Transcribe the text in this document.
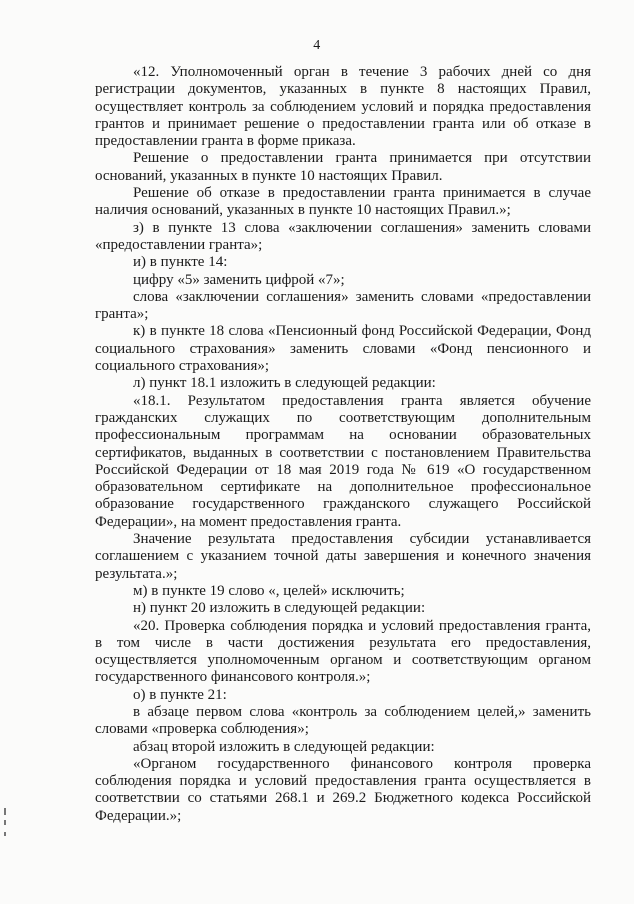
4

«12. Уполномоченный орган в течение 3 рабочих дней со дня регистрации документов, указанных в пункте 8 настоящих Правил, осуществляет контроль за соблюдением условий и порядка предоставления грантов и принимает решение о предоставлении гранта или об отказе в предоставлении гранта в форме приказа.

Решение о предоставлении гранта принимается при отсутствии оснований, указанных в пункте 10 настоящих Правил.

Решение об отказе в предоставлении гранта принимается в случае наличия оснований, указанных в пункте 10 настоящих Правил.»;

з) в пункте 13 слова «заключении соглашения» заменить словами «предоставлении гранта»;

и) в пункте 14:

цифру «5» заменить цифрой «7»;

слова «заключении соглашения» заменить словами «предоставлении гранта»;

к) в пункте 18 слова «Пенсионный фонд Российской Федерации, Фонд социального страхования» заменить словами «Фонд пенсионного и социального страхования»;

л) пункт 18.1 изложить в следующей редакции:

«18.1. Результатом предоставления гранта является обучение гражданских служащих по соответствующим дополнительным профессиональным программам на основании образовательных сертификатов, выданных в соответствии с постановлением Правительства Российской Федерации от 18 мая 2019 года № 619 «О государственном образовательном сертификате на дополнительное профессиональное образование государственного гражданского служащего Российской Федерации», на момент предоставления гранта.

Значение результата предоставления субсидии устанавливается соглашением с указанием точной даты завершения и конечного значения результата.»;

м) в пункте 19 слово «, целей» исключить;

н) пункт 20 изложить в следующей редакции:

«20. Проверка соблюдения порядка и условий предоставления гранта, в том числе в части достижения результата его предоставления, осуществляется уполномоченным органом и соответствующим органом государственного финансового контроля.»;

о) в пункте 21:

в абзаце первом слова «контроль за соблюдением целей,» заменить словами «проверка соблюдения»;

абзац второй изложить в следующей редакции:

«Органом государственного финансового контроля проверка соблюдения порядка и условий предоставления гранта осуществляется в соответствии со статьями 268.1 и 269.2 Бюджетного кодекса Российской Федерации.»;
